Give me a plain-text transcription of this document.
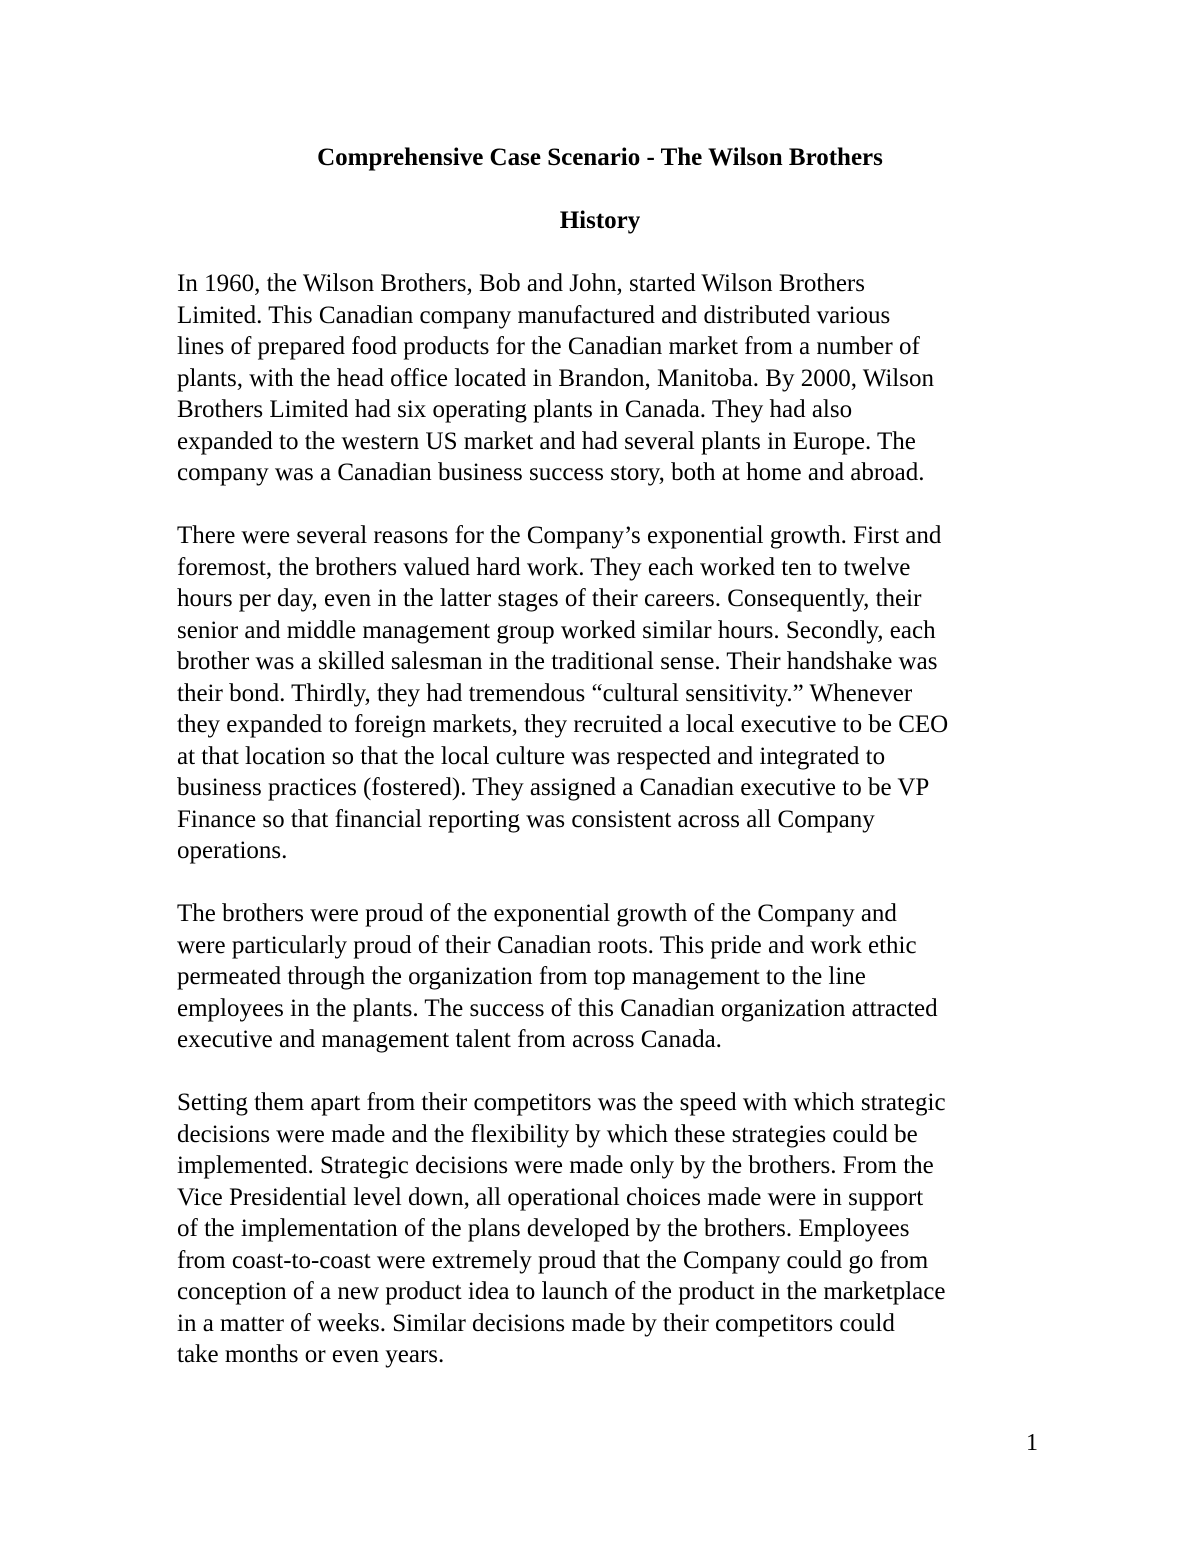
Comprehensive Case Scenario - The Wilson Brothers
History
In 1960, the Wilson Brothers, Bob and John, started Wilson Brothers
Limited. This Canadian company manufactured and distributed various
lines of prepared food products for the Canadian market from a number of
plants, with the head office located in Brandon, Manitoba. By 2000, Wilson
Brothers Limited had six operating plants in Canada. They had also
expanded to the western US market and had several plants in Europe. The
company was a Canadian business success story, both at home and abroad.
There were several reasons for the Company’s exponential growth. First and
foremost, the brothers valued hard work. They each worked ten to twelve
hours per day, even in the latter stages of their careers. Consequently, their
senior and middle management group worked similar hours. Secondly, each
brother was a skilled salesman in the traditional sense. Their handshake was
their bond. Thirdly, they had tremendous “cultural sensitivity.” Whenever
they expanded to foreign markets, they recruited a local executive to be CEO
at that location so that the local culture was respected and integrated to
business practices (fostered). They assigned a Canadian executive to be VP
Finance so that financial reporting was consistent across all Company
operations.
The brothers were proud of the exponential growth of the Company and
were particularly proud of their Canadian roots. This pride and work ethic
permeated through the organization from top management to the line
employees in the plants. The success of this Canadian organization attracted
executive and management talent from across Canada.
Setting them apart from their competitors was the speed with which strategic
decisions were made and the flexibility by which these strategies could be
implemented. Strategic decisions were made only by the brothers. From the
Vice Presidential level down, all operational choices made were in support
of the implementation of the plans developed by the brothers. Employees
from coast-to-coast were extremely proud that the Company could go from
conception of a new product idea to launch of the product in the marketplace
in a matter of weeks. Similar decisions made by their competitors could
take months or even years.
1
